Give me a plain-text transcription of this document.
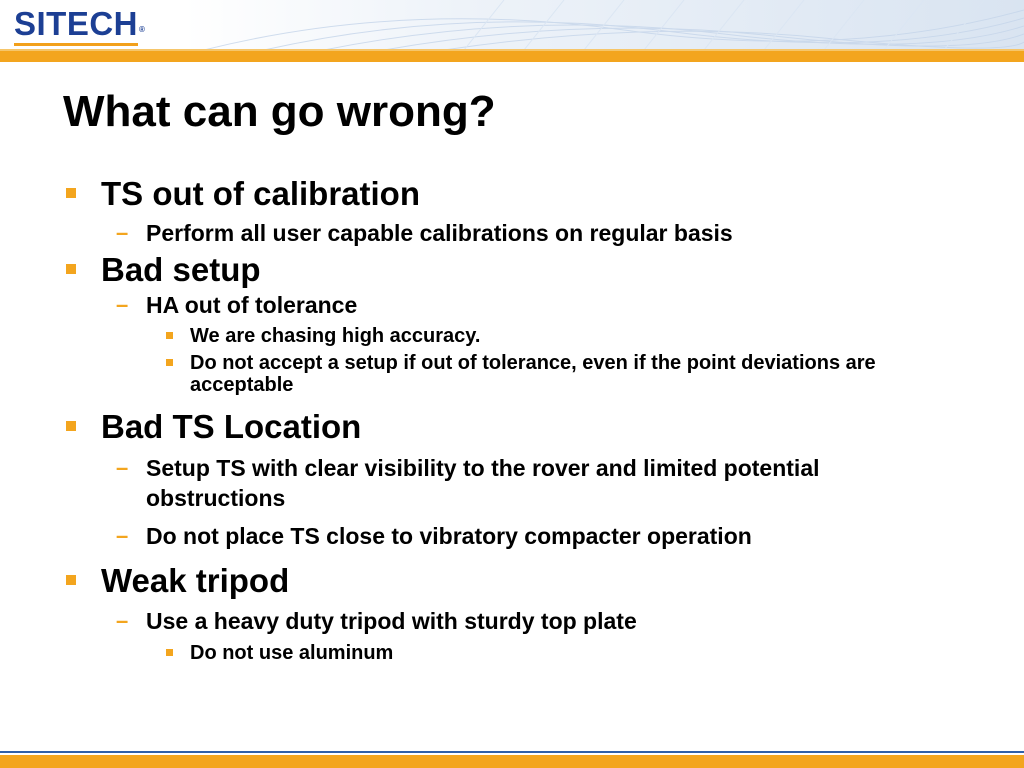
SITECH®
What can go wrong?
TS out of calibration
– Perform all user capable calibrations on regular basis
Bad setup
– HA out of tolerance
We are chasing high accuracy.
Do not accept a setup if out of tolerance, even if the point deviations are acceptable
Bad TS Location
– Setup TS with clear visibility to the rover and limited potential obstructions
– Do not place TS close to vibratory compacter operation
Weak tripod
– Use a heavy duty tripod with sturdy top plate
Do not use aluminum
